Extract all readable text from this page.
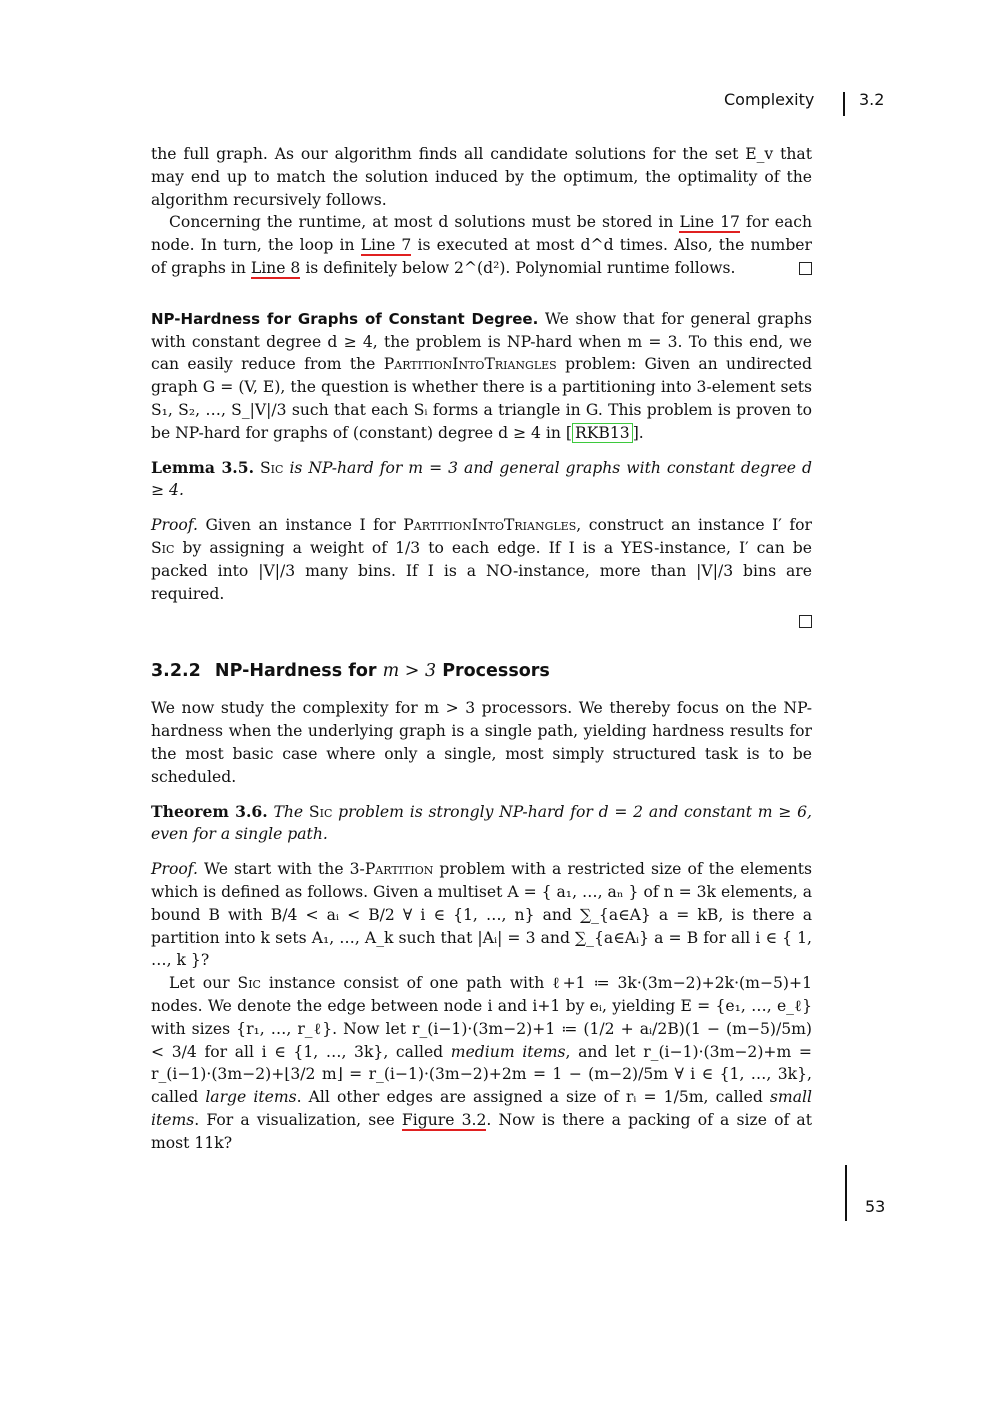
Complexity	3.2

the full graph. As our algorithm finds all candidate solutions for the set E_v that may end up to match the solution induced by the optimum, the optimality of the algorithm recursively follows.

Concerning the runtime, at most d solutions must be stored in Line 17 for each node. In turn, the loop in Line 7 is executed at most d^d times. Also, the number of graphs in Line 8 is definitely below 2^(d²). Polynomial runtime follows.

NP-Hardness for Graphs of Constant Degree. We show that for general graphs with constant degree d ≥ 4, the problem is NP-hard when m = 3. To this end, we can easily reduce from the PartitionIntoTriangles problem: Given an undirected graph G = (V, E), the question is whether there is a partitioning into 3-element sets S₁, S₂, …, S_|V|/3 such that each Sᵢ forms a triangle in G. This problem is proven to be NP-hard for graphs of (constant) degree d ≥ 4 in [ RKB13 ].

Lemma 3.5. Sic is NP-hard for m = 3 and general graphs with constant degree d ≥ 4.

Proof. Given an instance I for PartitionIntoTriangles, construct an instance I′ for Sic by assigning a weight of 1/3 to each edge. If I is a YES-instance, I′ can be packed into |V|/3 many bins. If I is a NO-instance, more than |V|/3 bins are required.

3.2.2 NP-Hardness for m > 3 Processors

We now study the complexity for m > 3 processors. We thereby focus on the NP-hardness when the underlying graph is a single path, yielding hardness results for the most basic case where only a single, most simply structured task is to be scheduled.

Theorem 3.6. The Sic problem is strongly NP-hard for d = 2 and constant m ≥ 6, even for a single path.

Proof. We start with the 3-Partition problem with a restricted size of the elements which is defined as follows. Given a multiset A = { a₁, …, aₙ } of n = 3k elements, a bound B with B/4 < aᵢ < B/2 ∀ i ∈ {1, …, n} and ∑_{a∈A} a = kB, is there a partition into k sets A₁, …, A_k such that |Aᵢ| = 3 and ∑_{a∈Aᵢ} a = B for all i ∈ { 1, …, k }?

Let our Sic instance consist of one path with ℓ+1 ≔ 3k·(3m−2)+2k·(m−5)+1 nodes. We denote the edge between node i and i+1 by eᵢ, yielding E = {e₁, …, e_ℓ} with sizes {r₁, …, r_ℓ}. Now let r_(i−1)·(3m−2)+1 ≔ (1/2 + aᵢ/2B)(1 − (m−5)/5m) < 3/4 for all i ∈ {1, …, 3k}, called medium items, and let r_(i−1)·(3m−2)+m = r_(i−1)·(3m−2)+⌊3/2 m⌋ = r_(i−1)·(3m−2)+2m = 1 − (m−2)/5m ∀ i ∈ {1, …, 3k}, called large items. All other edges are assigned a size of rᵢ = 1/5m, called small items. For a visualization, see Figure 3.2. Now is there a packing of a size of at most 11k?

53
